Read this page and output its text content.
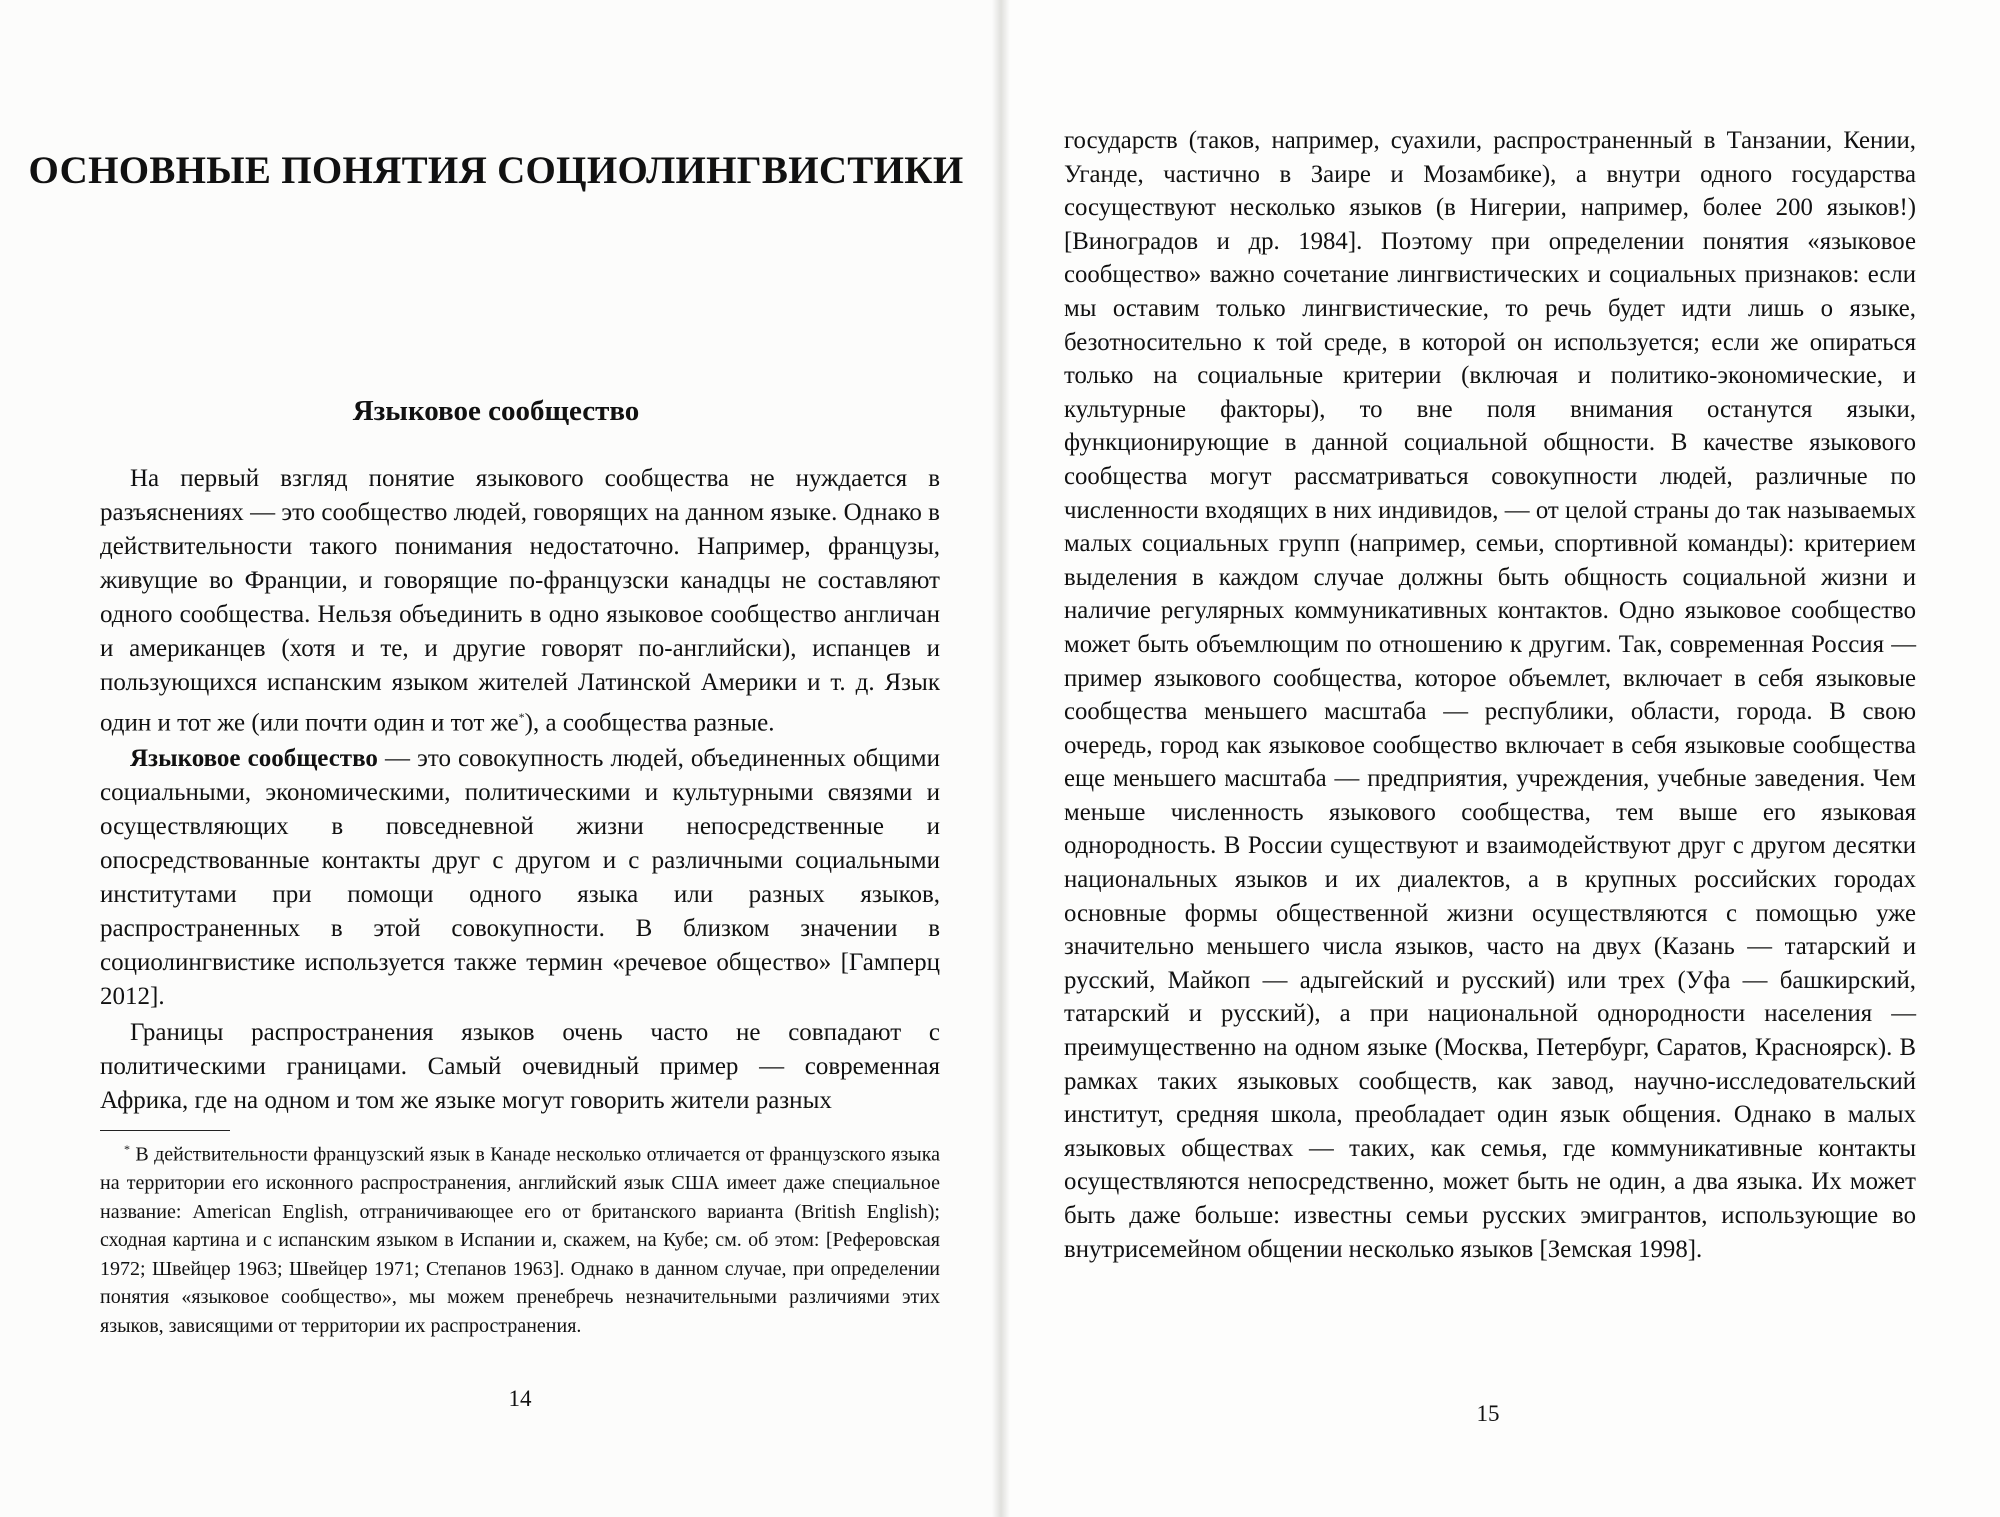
ОСНОВНЫЕ ПОНЯТИЯ СОЦИОЛИНГВИСТИКИ
Языковое сообщество

На первый взгляд понятие языкового сообщества не нуждается в разъяснениях — это сообщество людей, говорящих на данном языке. Однако в действительности такого понимания недостаточно. Например, французы, живущие во Франции, и говорящие по-французски канадцы не составляют одного сообщества. Нельзя объединить в одно языковое сообщество англичан и американцев (хотя и те, и другие говорят по-английски), испанцев и пользующихся испанским языком жителей Латинской Америки и т. д. Язык один и тот же (или почти один и тот же*), а сообщества разные.

Языковое сообщество — это совокупность людей, объединенных общими социальными, экономическими, политическими и культурными связями и осуществляющих в повседневной жизни непосредственные и опосредствованные контакты друг с другом и с различными социальными институтами при помощи одного языка или разных языков, распространенных в этой совокупности. В близком значении в социолингвистике используется также термин «речевое общество» [Гамперц 2012].

Границы распространения языков очень часто не совпадают с политическими границами. Самый очевидный пример — современная Африка, где на одном и том же языке могут говорить жители разных

* В действительности французский язык в Канаде несколько отличается от французского языка на территории его исконного распространения, английский язык США имеет даже специальное название: American English, отграничивающее его от британского варианта (British English); сходная картина и с испанским языком в Испании и, скажем, на Кубе; см. об этом: [Реферовская 1972; Швейцер 1963; Швейцер 1971; Степанов 1963]. Однако в данном случае, при определении понятия «языковое сообщество», мы можем пренебречь незначительными различиями этих языков, зависящими от территории их распространения.

14

государств (таков, например, суахили, распространенный в Танзании, Кении, Уганде, частично в Заире и Мозамбике), а внутри одного государства сосуществуют несколько языков (в Нигерии, например, более 200 языков!) [Виноградов и др. 1984]. Поэтому при определении понятия «языковое сообщество» важно сочетание лингвистических и социальных признаков: если мы оставим только лингвистические, то речь будет идти лишь о языке, безотносительно к той среде, в которой он используется; если же опираться только на социальные критерии (включая и политико-экономические, и культурные факторы), то вне поля внимания останутся языки, функционирующие в данной социальной общности. В качестве языкового сообщества могут рассматриваться совокупности людей, различные по численности входящих в них индивидов, — от целой страны до так называемых малых социальных групп (например, семьи, спортивной команды): критерием выделения в каждом случае должны быть общность социальной жизни и наличие регулярных коммуникативных контактов. Одно языковое сообщество может быть объемлющим по отношению к другим. Так, современная Россия — пример языкового сообщества, которое объемлет, включает в себя языковые сообщества меньшего масштаба — республики, области, города. В свою очередь, город как языковое сообщество включает в себя языковые сообщества еще меньшего масштаба — предприятия, учреждения, учебные заведения. Чем меньше численность языкового сообщества, тем выше его языковая однородность. В России существуют и взаимодействуют друг с другом десятки национальных языков и их диалектов, а в крупных российских городах основные формы общественной жизни осуществляются с помощью уже значительно меньшего числа языков, часто на двух (Казань — татарский и русский, Майкоп — адыгейский и русский) или трех (Уфа — башкирский, татарский и русский), а при национальной однородности населения — преимущественно на одном языке (Москва, Петербург, Саратов, Красноярск). В рамках таких языковых сообществ, как завод, научно-исследовательский институт, средняя школа, преобладает один язык общения. Однако в малых языковых обществах — таких, как семья, где коммуникативные контакты осуществляются непосредственно, может быть не один, а два языка. Их может быть даже больше: известны семьи русских эмигрантов, использующие во внутрисемейном общении несколько языков [Земская 1998].

15
